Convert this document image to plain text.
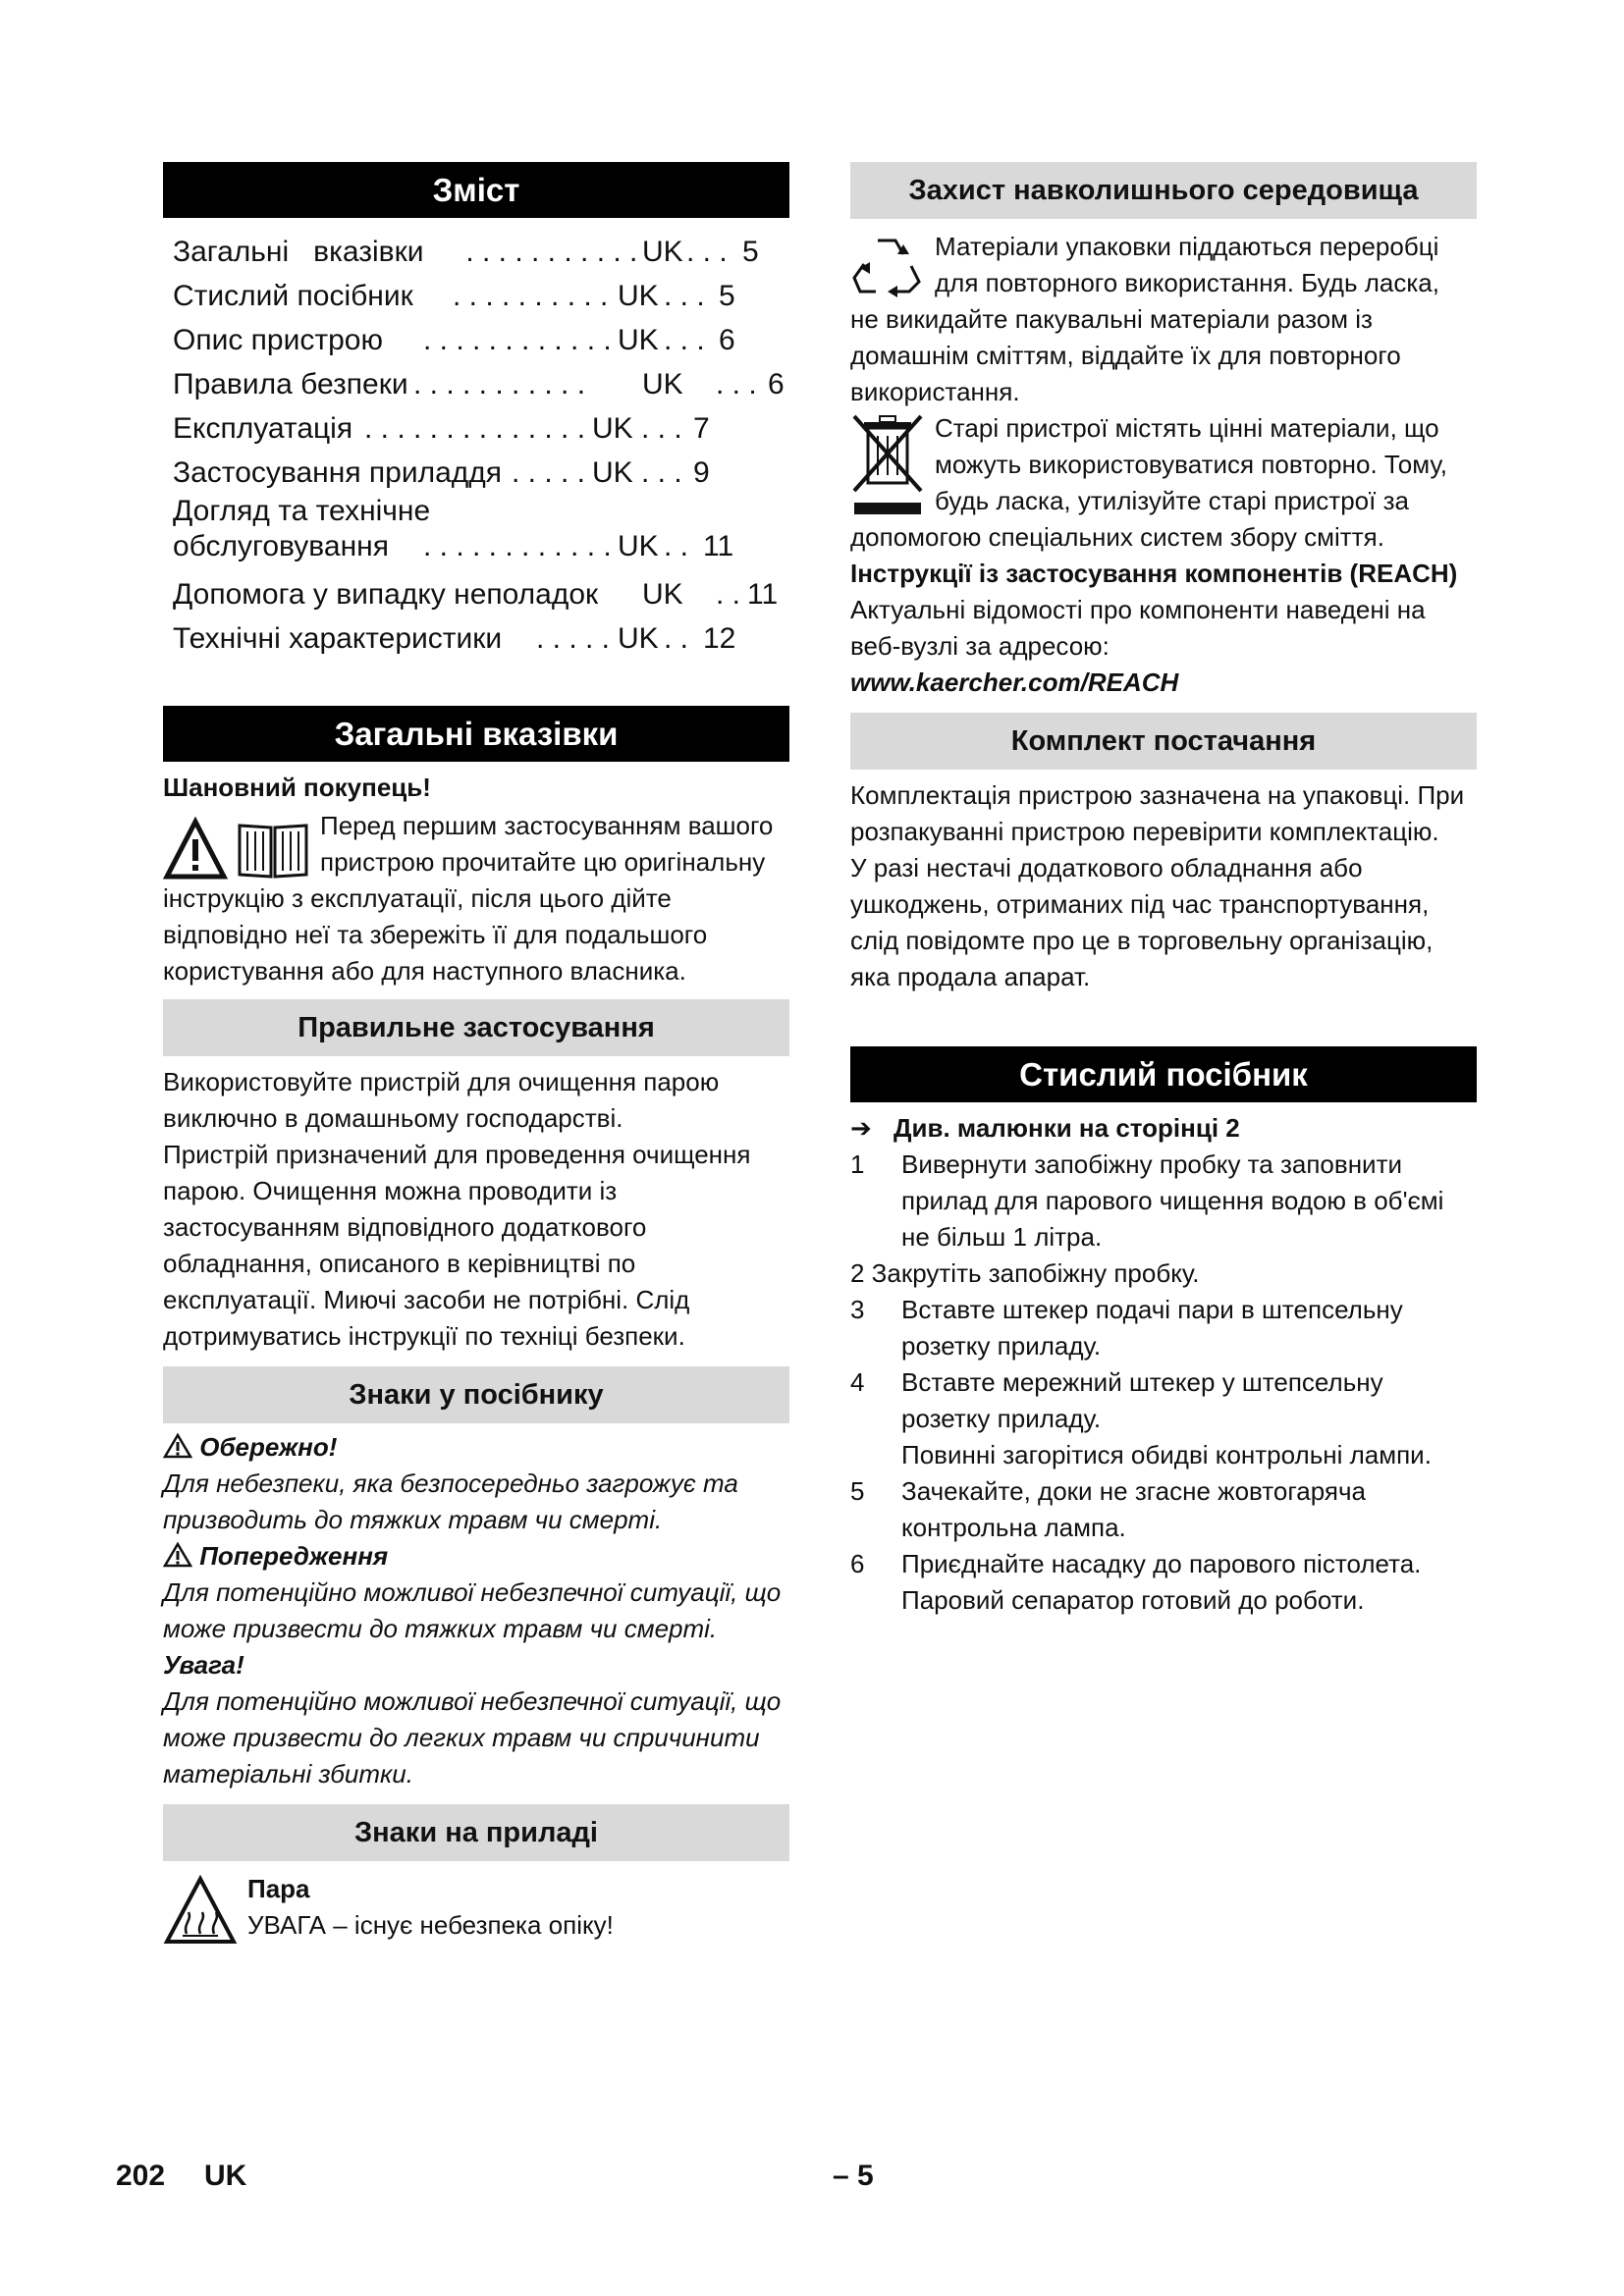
Зміст
Загальні   вказівки . . . . . . . . . . . UK . . . 5
Стислий посібник . . . . . . . . . . UK . . . 5
Опис пристрою . . . . . . . . . . . . UK . . . 6
Правила безпеки . . . . . . . . . . . UK . . . 6
Експлуатація . . . . . . . . . . . . . . UK . . . 7
Застосування приладдя . . . . . UK . . . 9
Догляд та технічне
обслуговування . . . . . . . . . . . . UK . . 11
Допомога у випадку неполадок UK . . 11
Технічні характеристики . . . . . UK . . 12
Загальні вказівки
Шановний покупець!
Перед першим застосуванням вашого
пристрою прочитайте цю оригінальну
інструкцію з експлуатації, після цього дійте відповідно неї та збережіть її для подальшого користування або для наступного власника.
Правильне застосування
Використовуйте пристрій для очищення парою виключно в домашньому господарстві.
Пристрій призначений для проведення очищення парою. Очищення можна проводити із застосуванням відповідного додаткового обладнання, описаного в керівництві по експлуатації. Миючі засоби не потрібні. Слід дотримуватись інструкції по техніці безпеки.
Знаки у посібнику
Обережно!
Для небезпеки, яка безпосередньо загрожує та призводить до тяжких травм чи смерті.
Попередження
Для потенційно можливої небезпечної ситуації, що може призвести до тяжких травм чи смерті.
Увага!
Для потенційно можливої небезпечної ситуації, що може призвести до легких травм чи спричинити матеріальні збитки.
Знаки на приладі
Пара
УВАГА – існує небезпека опіку!
Захист навколишнього середовища
Матеріали упаковки піддаються переробці
для повторного використання. Будь ласка,
не викидайте пакувальні матеріали разом із домашнім сміттям, віддайте їх для повторного використання.
Старі пристрої містять цінні матеріали, що
можуть використовуватися повторно. Тому,
будь ласка, утилізуйте старі пристрої за
допомогою спеціальних систем збору сміття.
Інструкції із застосування компонентів (REACH)
Актуальні відомості про компоненти наведені на веб-вузлі за адресою:
www.kaercher.com/REACH
Комплект постачання
Комплектація пристрою зазначена на упаковці. При розпакуванні пристрою перевірити комплектацію.
У разі нестачі додаткового обладнання або ушкоджень, отриманих під час транспортування, слід повідомте про це в торговельну організацію, яка продала апарат.
Стислий посібник
➔ Див. малюнки на сторінці 2
1 Вивернути запобіжну пробку та заповнити прилад для парового чищення водою в об'ємі не більш 1 літра.
2 Закрутіть запобіжну пробку.
3 Вставте штекер подачі пари в штепсельну розетку приладу.
4 Вставте мережний штекер у штепсельну розетку приладу.
Повинні загорітися обидві контрольні лампи.
5 Зачекайте, доки не згасне жовтогаряча контрольна лампа.
6 Приєднайте насадку до парового пістолета. Паровий сепаратор готовий до роботи.
202 UK	– 5
